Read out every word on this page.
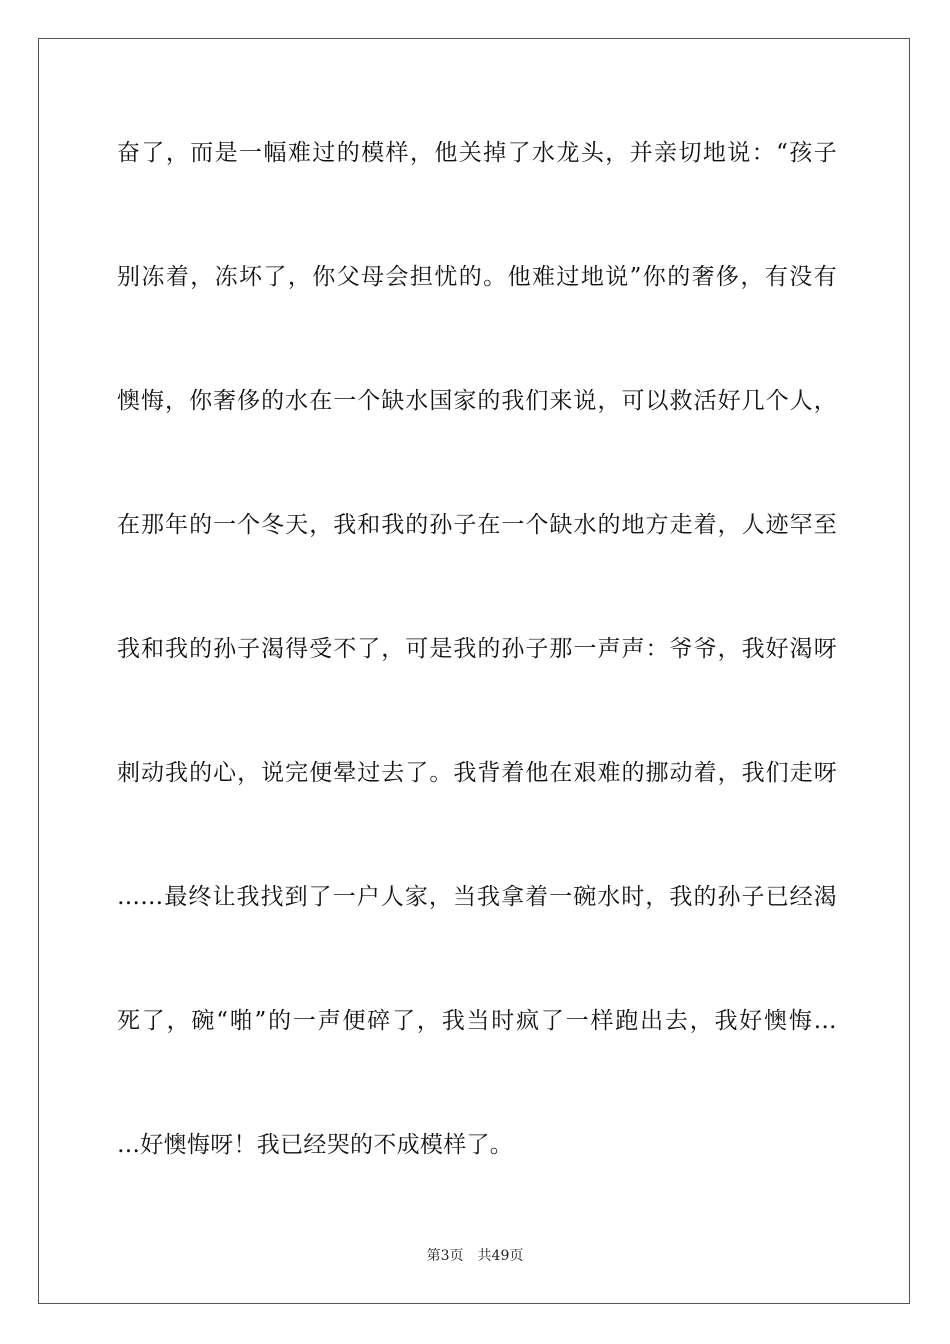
奋了，而是一幅难过的模样，他关掉了水龙头，并亲切地说：“孩子
别冻着，冻坏了，你父母会担忧的。他难过地说”你的奢侈，有没有
懊悔，你奢侈的水在一个缺水国家的我们来说，可以救活好几个人，
在那年的一个冬天，我和我的孙子在一个缺水的地方走着，人迹罕至
我和我的孙子渴得受不了，可是我的孙子那一声声：爷爷，我好渴呀
刺动我的心，说完便晕过去了。我背着他在艰难的挪动着，我们走呀
……最终让我找到了一户人家，当我拿着一碗水时，我的孙子已经渴
死了，碗“啪”的一声便碎了，我当时疯了一样跑出去，我好懊悔…
…好懊悔呀！我已经哭的不成模样了。
第3页 共49页
